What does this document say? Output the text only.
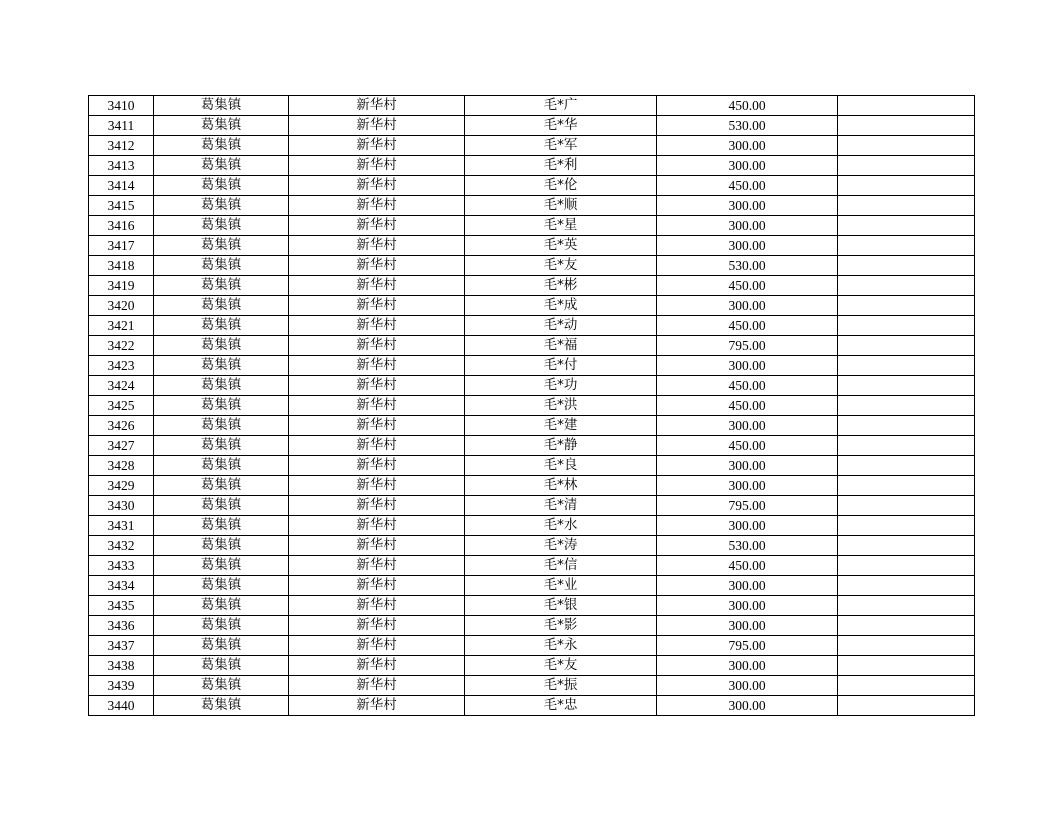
3410	葛集镇	新华村	毛*广	450.00	
3411	葛集镇	新华村	毛*华	530.00	
3412	葛集镇	新华村	毛*军	300.00	
3413	葛集镇	新华村	毛*利	300.00	
3414	葛集镇	新华村	毛*伦	450.00	
3415	葛集镇	新华村	毛*顺	300.00	
3416	葛集镇	新华村	毛*星	300.00	
3417	葛集镇	新华村	毛*英	300.00	
3418	葛集镇	新华村	毛*友	530.00	
3419	葛集镇	新华村	毛*彬	450.00	
3420	葛集镇	新华村	毛*成	300.00	
3421	葛集镇	新华村	毛*动	450.00	
3422	葛集镇	新华村	毛*福	795.00	
3423	葛集镇	新华村	毛*付	300.00	
3424	葛集镇	新华村	毛*功	450.00	
3425	葛集镇	新华村	毛*洪	450.00	
3426	葛集镇	新华村	毛*建	300.00	
3427	葛集镇	新华村	毛*静	450.00	
3428	葛集镇	新华村	毛*良	300.00	
3429	葛集镇	新华村	毛*林	300.00	
3430	葛集镇	新华村	毛*清	795.00	
3431	葛集镇	新华村	毛*水	300.00	
3432	葛集镇	新华村	毛*涛	530.00	
3433	葛集镇	新华村	毛*信	450.00	
3434	葛集镇	新华村	毛*业	300.00	
3435	葛集镇	新华村	毛*银	300.00	
3436	葛集镇	新华村	毛*影	300.00	
3437	葛集镇	新华村	毛*永	795.00	
3438	葛集镇	新华村	毛*友	300.00	
3439	葛集镇	新华村	毛*振	300.00	
3440	葛集镇	新华村	毛*忠	300.00	
